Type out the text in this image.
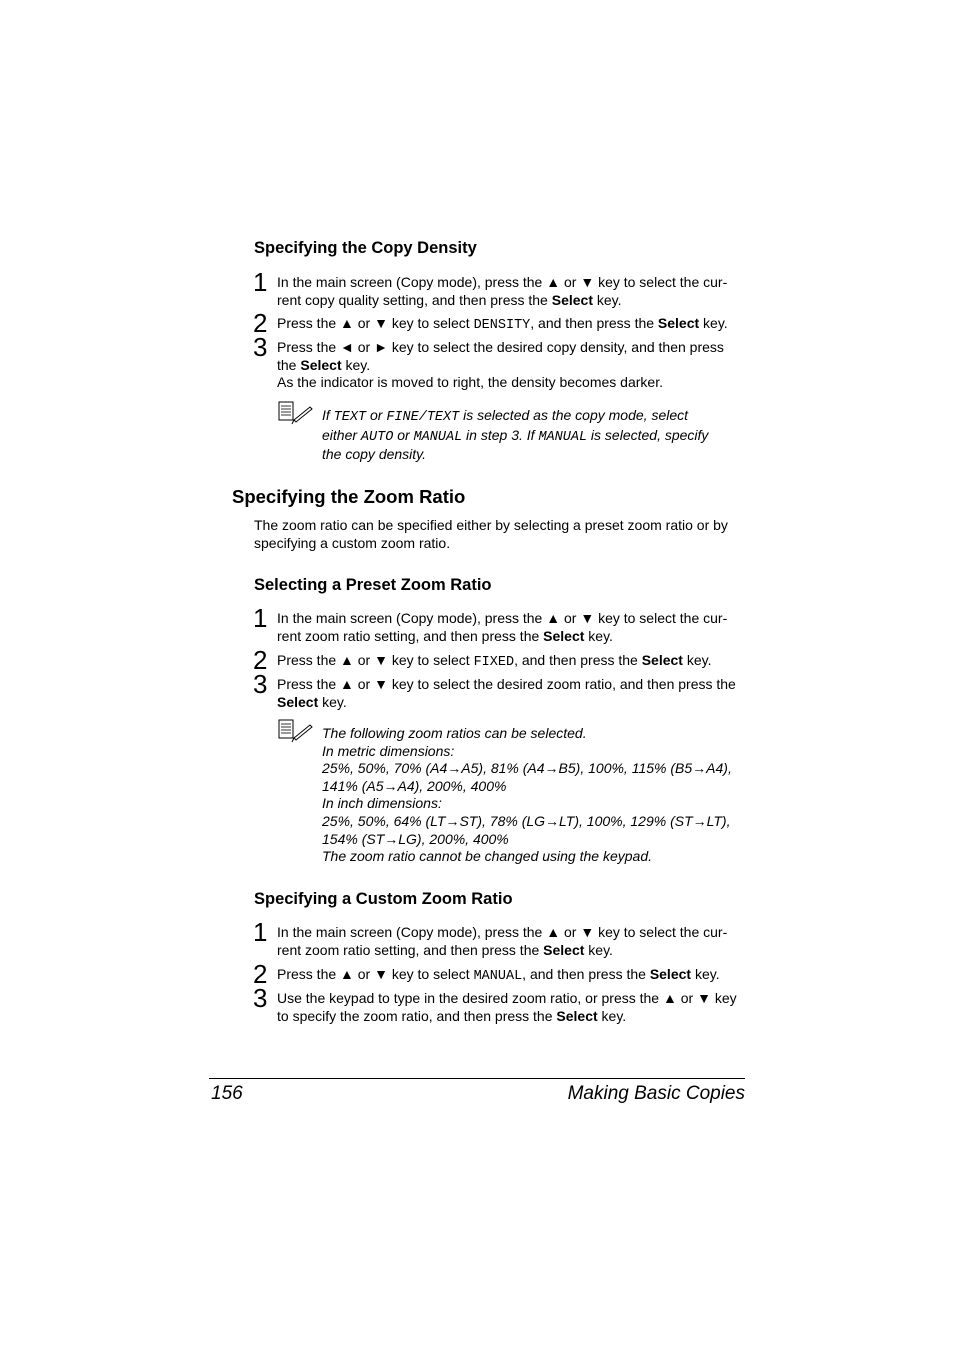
Specifying the Copy Density
1 In the main screen (Copy mode), press the ▲ or ▼ key to select the cur-
rent copy quality setting, and then press the Select key.
2 Press the ▲ or ▼ key to select DENSITY, and then press the Select key.
3 Press the ◄ or ► key to select the desired copy density, and then press
the Select key.
As the indicator is moved to right, the density becomes darker.
If TEXT or FINE/TEXT is selected as the copy mode, select
either AUTO or MANUAL in step 3. If MANUAL is selected, specify
the copy density.
Specifying the Zoom Ratio
The zoom ratio can be specified either by selecting a preset zoom ratio or by
specifying a custom zoom ratio.
Selecting a Preset Zoom Ratio
1 In the main screen (Copy mode), press the ▲ or ▼ key to select the cur-
rent zoom ratio setting, and then press the Select key.
2 Press the ▲ or ▼ key to select FIXED, and then press the Select key.
3 Press the ▲ or ▼ key to select the desired zoom ratio, and then press the
Select key.
The following zoom ratios can be selected.
In metric dimensions:
25%, 50%, 70% (A4→A5), 81% (A4→B5), 100%, 115% (B5→A4),
141% (A5→A4), 200%, 400%
In inch dimensions:
25%, 50%, 64% (LT→ST), 78% (LG→LT), 100%, 129% (ST→LT),
154% (ST→LG), 200%, 400%
The zoom ratio cannot be changed using the keypad.
Specifying a Custom Zoom Ratio
1 In the main screen (Copy mode), press the ▲ or ▼ key to select the cur-
rent zoom ratio setting, and then press the Select key.
2 Press the ▲ or ▼ key to select MANUAL, and then press the Select key.
3 Use the keypad to type in the desired zoom ratio, or press the ▲ or ▼ key
to specify the zoom ratio, and then press the Select key.
156	Making Basic Copies
